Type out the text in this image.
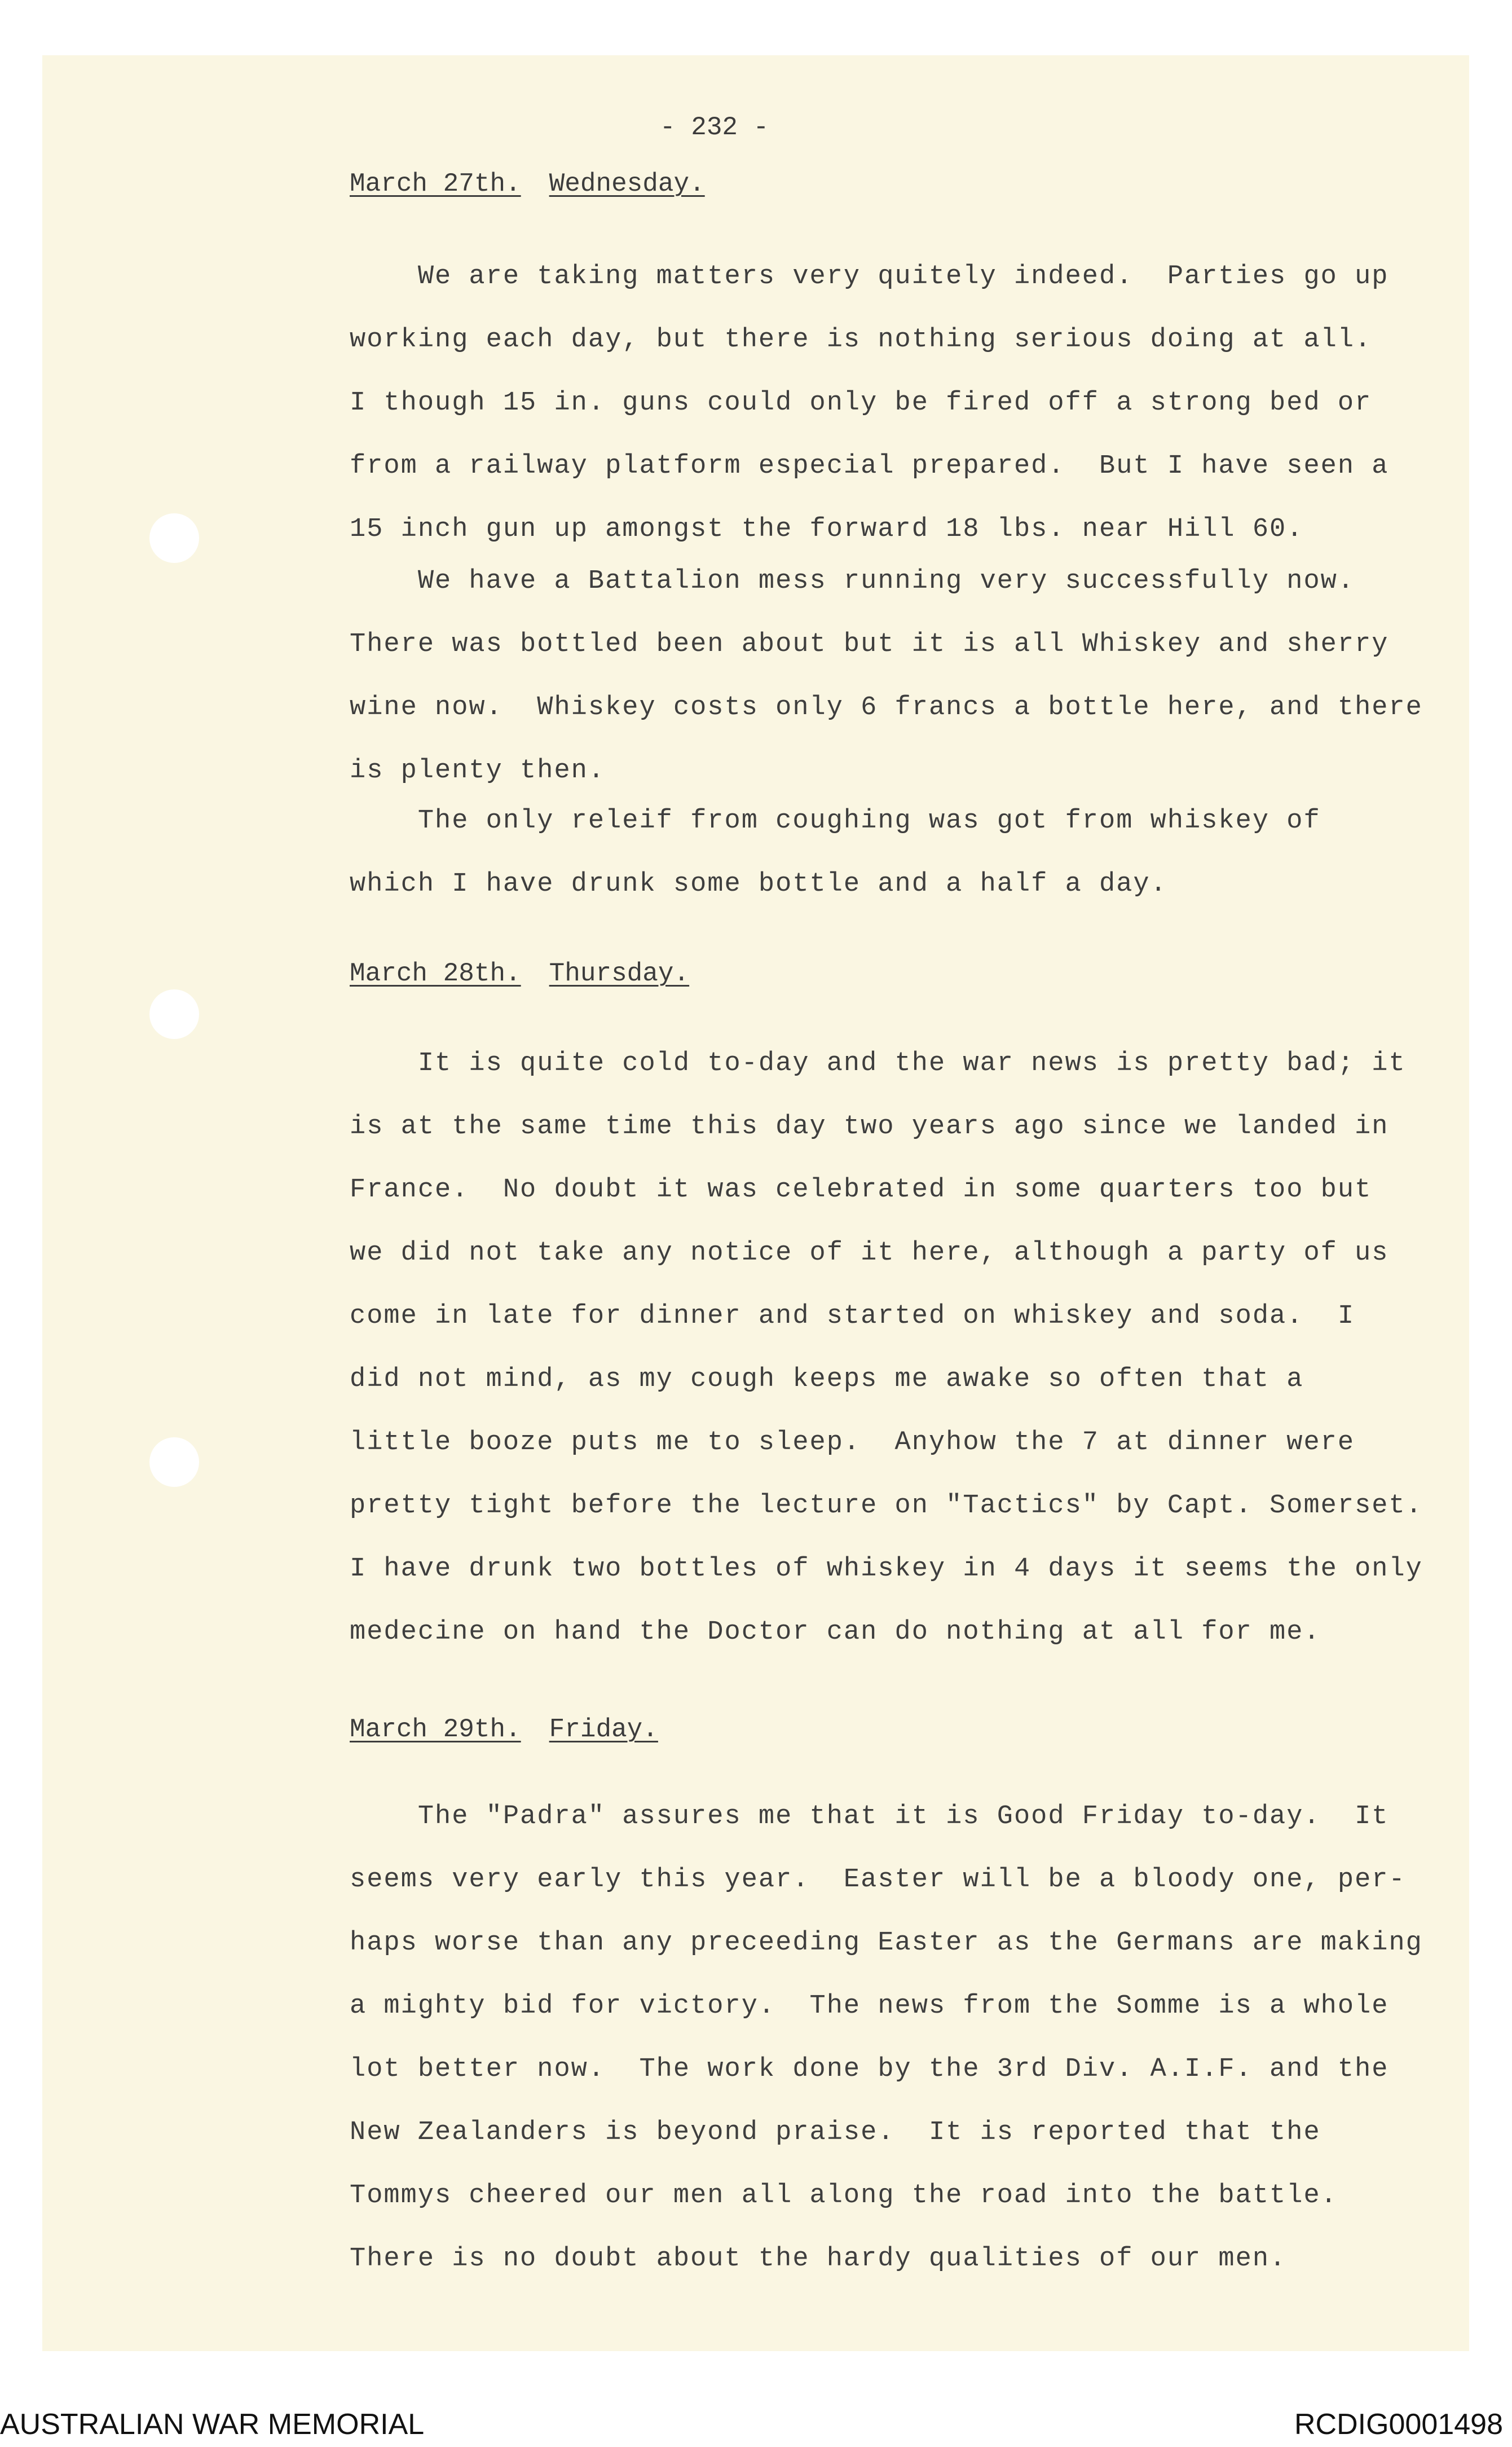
- 232 -
March 27th. Wednesday.
We are taking matters very quitely indeed.  Parties go up
working each day, but there is nothing serious doing at all.
I though 15 in. guns could only be fired off a strong bed or
from a railway platform especial prepared.  But I have seen a
15 inch gun up amongst the forward 18 lbs. near Hill 60.
We have a Battalion mess running very successfully now.
There was bottled been about but it is all Whiskey and sherry
wine now.  Whiskey costs only 6 francs a bottle here, and there
is plenty then.
The only releif from coughing was got from whiskey of
which I have drunk some bottle and a half a day.
March 28th. Thursday.
It is quite cold to-day and the war news is pretty bad; it
is at the same time this day two years ago since we landed in
France.  No doubt it was celebrated in some quarters too but
we did not take any notice of it here, although a party of us
come in late for dinner and started on whiskey and soda.  I
did not mind, as my cough keeps me awake so often that a
little booze puts me to sleep.  Anyhow the 7 at dinner were
pretty tight before the lecture on "Tactics" by Capt. Somerset.
I have drunk two bottles of whiskey in 4 days it seems the only
medecine on hand the Doctor can do nothing at all for me.
March 29th. Friday.
The "Padra" assures me that it is Good Friday to-day.  It
seems very early this year.  Easter will be a bloody one, per-
haps worse than any preceeding Easter as the Germans are making
a mighty bid for victory.  The news from the Somme is a whole
lot better now.  The work done by the 3rd Div. A.I.F. and the
New Zealanders is beyond praise.  It is reported that the
Tommys cheered our men all along the road into the battle.
There is no doubt about the hardy qualities of our men.
AUSTRALIAN WAR MEMORIAL	RCDIG0001498
